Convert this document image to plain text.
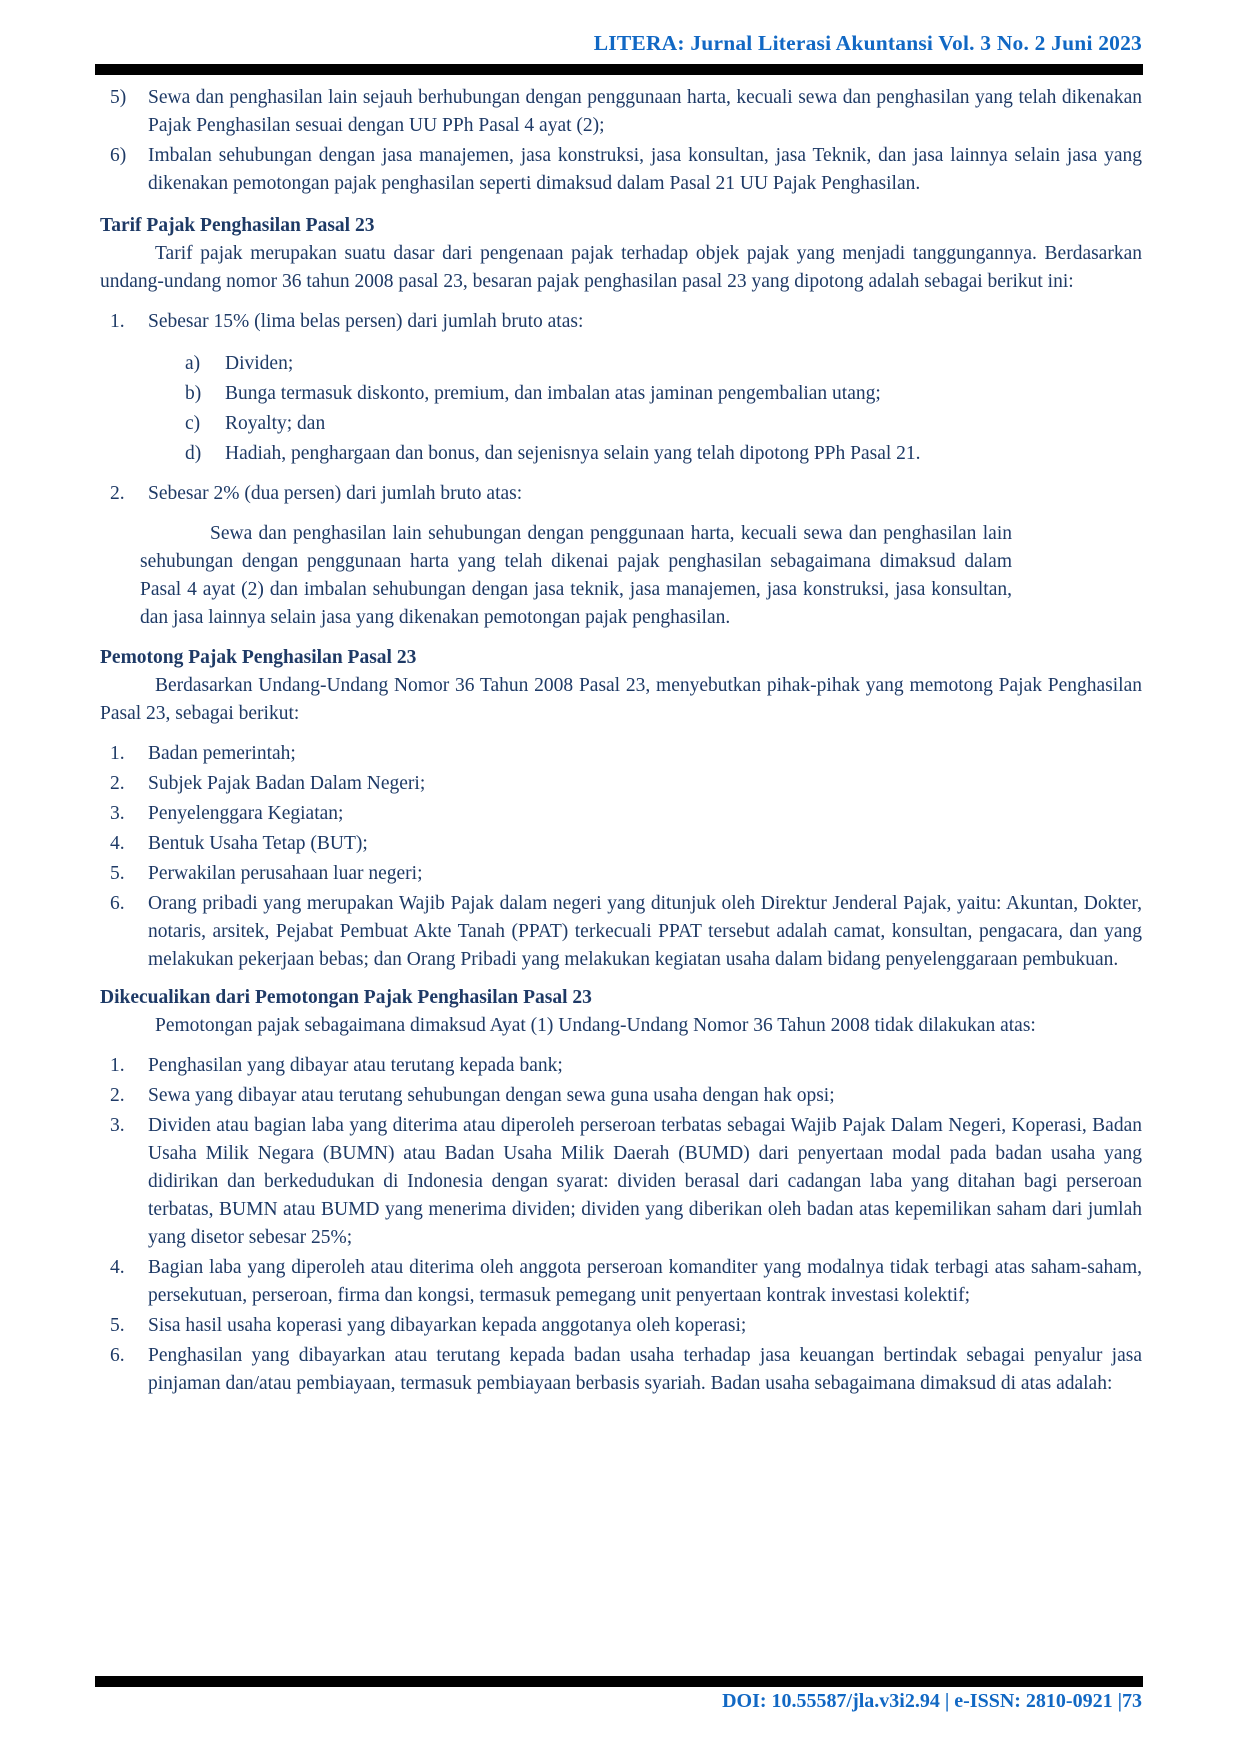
LITERA: Jurnal Literasi Akuntansi Vol. 3 No. 2 Juni 2023
5) Sewa dan penghasilan lain sejauh berhubungan dengan penggunaan harta, kecuali sewa dan penghasilan yang telah dikenakan Pajak Penghasilan sesuai dengan UU PPh Pasal 4 ayat (2);
6) Imbalan sehubungan dengan jasa manajemen, jasa konstruksi, jasa konsultan, jasa Teknik, dan jasa lainnya selain jasa yang dikenakan pemotongan pajak penghasilan seperti dimaksud dalam Pasal 21 UU Pajak Penghasilan.
Tarif Pajak Penghasilan Pasal 23
Tarif pajak merupakan suatu dasar dari pengenaan pajak terhadap objek pajak yang menjadi tanggungannya. Berdasarkan undang-undang nomor 36 tahun 2008 pasal 23, besaran pajak penghasilan pasal 23 yang dipotong adalah sebagai berikut ini:
1. Sebesar 15% (lima belas persen) dari jumlah bruto atas:
a) Dividen;
b) Bunga termasuk diskonto, premium, dan imbalan atas jaminan pengembalian utang;
c) Royalty; dan
d) Hadiah, penghargaan dan bonus, dan sejenisnya selain yang telah dipotong PPh Pasal 21.
2. Sebesar 2% (dua persen) dari jumlah bruto atas:
Sewa dan penghasilan lain sehubungan dengan penggunaan harta, kecuali sewa dan penghasilan lain sehubungan dengan penggunaan harta yang telah dikenai pajak penghasilan sebagaimana dimaksud dalam Pasal 4 ayat (2) dan imbalan sehubungan dengan jasa teknik, jasa manajemen, jasa konstruksi, jasa konsultan, dan jasa lainnya selain jasa yang dikenakan pemotongan pajak penghasilan.
Pemotong Pajak Penghasilan Pasal 23
Berdasarkan Undang-Undang Nomor 36 Tahun 2008 Pasal 23, menyebutkan pihak-pihak yang memotong Pajak Penghasilan Pasal 23, sebagai berikut:
1. Badan pemerintah;
2. Subjek Pajak Badan Dalam Negeri;
3. Penyelenggara Kegiatan;
4. Bentuk Usaha Tetap (BUT);
5. Perwakilan perusahaan luar negeri;
6. Orang pribadi yang merupakan Wajib Pajak dalam negeri yang ditunjuk oleh Direktur Jenderal Pajak, yaitu: Akuntan, Dokter, notaris, arsitek, Pejabat Pembuat Akte Tanah (PPAT) terkecuali PPAT tersebut adalah camat, konsultan, pengacara, dan yang melakukan pekerjaan bebas; dan Orang Pribadi yang melakukan kegiatan usaha dalam bidang penyelenggaraan pembukuan.
Dikecualikan dari Pemotongan Pajak Penghasilan Pasal 23
Pemotongan pajak sebagaimana dimaksud Ayat (1) Undang-Undang Nomor 36 Tahun 2008 tidak dilakukan atas:
1. Penghasilan yang dibayar atau terutang kepada bank;
2. Sewa yang dibayar atau terutang sehubungan dengan sewa guna usaha dengan hak opsi;
3. Dividen atau bagian laba yang diterima atau diperoleh perseroan terbatas sebagai Wajib Pajak Dalam Negeri, Koperasi, Badan Usaha Milik Negara (BUMN) atau Badan Usaha Milik Daerah (BUMD) dari penyertaan modal pada badan usaha yang didirikan dan berkedudukan di Indonesia dengan syarat: dividen berasal dari cadangan laba yang ditahan bagi perseroan terbatas, BUMN atau BUMD yang menerima dividen; dividen yang diberikan oleh badan atas kepemilikan saham dari jumlah yang disetor sebesar 25%;
4. Bagian laba yang diperoleh atau diterima oleh anggota perseroan komanditer yang modalnya tidak terbagi atas saham-saham, persekutuan, perseroan, firma dan kongsi, termasuk pemegang unit penyertaan kontrak investasi kolektif;
5. Sisa hasil usaha koperasi yang dibayarkan kepada anggotanya oleh koperasi;
6. Penghasilan yang dibayarkan atau terutang kepada badan usaha terhadap jasa keuangan bertindak sebagai penyalur jasa pinjaman dan/atau pembiayaan, termasuk pembiayaan berbasis syariah. Badan usaha sebagaimana dimaksud di atas adalah:
DOI: 10.55587/jla.v3i2.94 | e-ISSN: 2810-0921 |73
